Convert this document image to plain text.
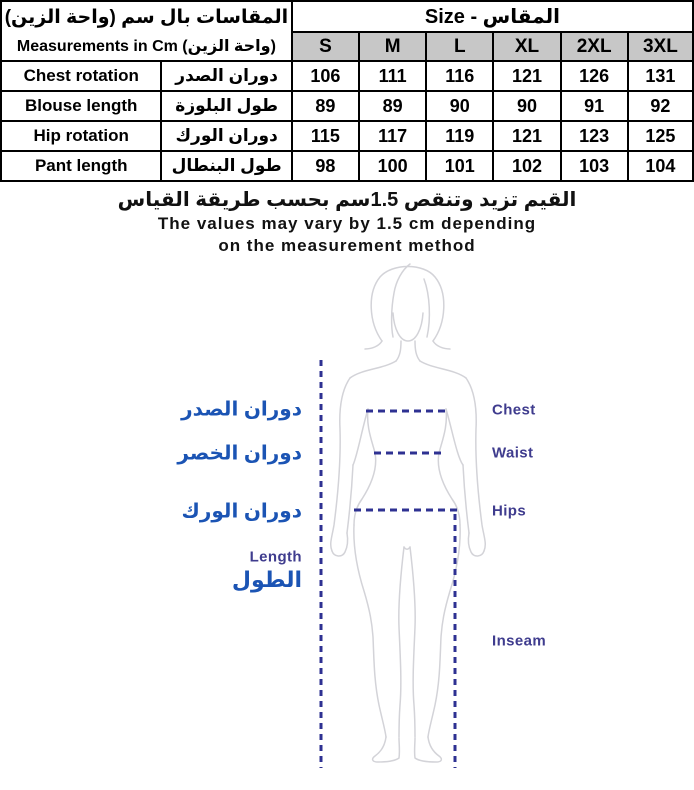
المقاسات بال سم (واحة الزين)
Measurements in Cm (واحة الزين)		Size - المقاس					
		S	M	L	XL	2XL	3XL
Chest rotation	دوران الصدر	106	111	116	121	126	131
Blouse length	طول البلوزة	89	89	90	90	91	92
Hip rotation	دوران الورك	115	117	119	121	123	125
Pant length	طول البنطال	98	100	101	102	103	104
القيم تزيد وتنقص 1.5سم بحسب طريقة القياس
The values may vary by 1.5 cm depending
on the measurement method
دوران الصدر
دوران الخصر
دوران الورك
Length
الطول
Chest
Waist
Hips
Inseam
